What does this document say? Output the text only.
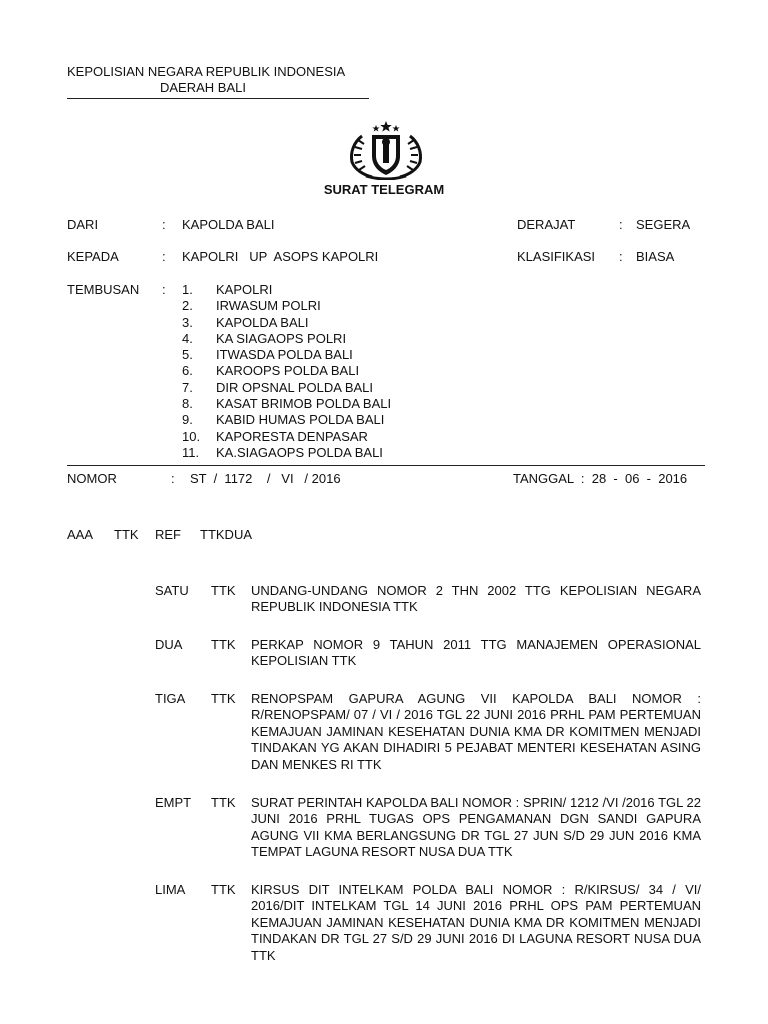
KEPOLISIAN NEGARA REPUBLIK INDONESIA
DAERAH BALI
SURAT TELEGRAM
DARI	: KAPOLDA BALI	DERAJAT	: SEGERA
KEPADA	: KAPOLRI   UP  ASOPS KAPOLRI	KLASIFIKASI : BIASA
TEMBUSAN : 1. KAPOLRI
2. IRWASUM POLRI
3. KAPOLDA BALI
4. KA SIAGAOPS POLRI
5. ITWASDA POLDA BALI
6. KAROOPS POLDA BALI
7. DIR OPSNAL POLDA BALI
8. KASAT BRIMOB POLDA BALI
9. KABID HUMAS POLDA BALI
10. KAPORESTA DENPASAR
11. KA.SIAGAOPS POLDA BALI
NOMOR	: ST  /  1172    /   VI   / 2016	TANGGAL  :  28  -  06  -  2016
AAA TTK REF TTKDUA
SATU TTK UNDANG-UNDANG NOMOR 2 THN 2002 TTG KEPOLISIAN NEGARA REPUBLIK INDONESIA TTK
DUA TTK PERKAP NOMOR 9 TAHUN 2011 TTG MANAJEMEN OPERASIONAL KEPOLISIAN TTK
TIGA TTK RENOPSPAM GAPURA AGUNG VII KAPOLDA BALI NOMOR : R/RENOPSPAM/ 07 / VI / 2016 TGL 22 JUNI 2016 PRHL PAM PERTEMUAN KEMAJUAN JAMINAN KESEHATAN DUNIA KMA DR KOMITMEN MENJADI TINDAKAN YG AKAN DIHADIRI 5 PEJABAT MENTERI KESEHATAN ASING DAN MENKES RI TTK
EMPT TTK SURAT PERINTAH KAPOLDA BALI NOMOR : SPRIN/ 1212 /VI /2016 TGL 22 JUNI 2016 PRHL TUGAS OPS PENGAMANAN DGN SANDI GAPURA AGUNG VII KMA BERLANGSUNG DR TGL 27 JUN S/D 29 JUN 2016 KMA TEMPAT LAGUNA RESORT NUSA DUA TTK
LIMA TTK KIRSUS DIT INTELKAM POLDA BALI NOMOR : R/KIRSUS/ 34 / VI/ 2016/DIT INTELKAM TGL 14 JUNI 2016 PRHL OPS PAM PERTEMUAN KEMAJUAN JAMINAN KESEHATAN DUNIA KMA DR KOMITMEN MENJADI TINDAKAN DR TGL 27 S/D 29 JUNI 2016 DI LAGUNA RESORT NUSA DUA TTK
